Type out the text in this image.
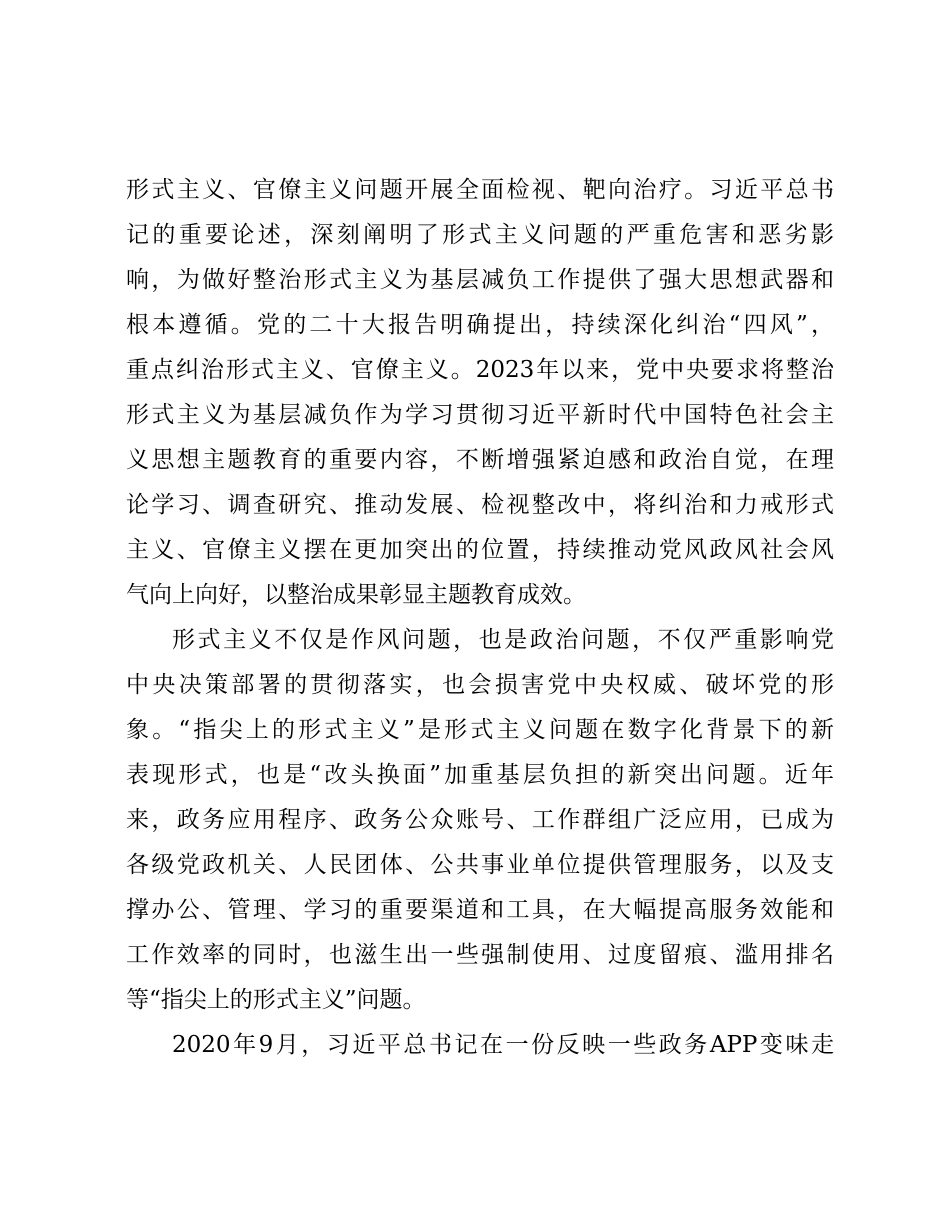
形式主义、官僚主义问题开展全面检视、靶向治疗。习近平总书

记的重要论述，深刻阐明了形式主义问题的严重危害和恶劣影

响，为做好整治形式主义为基层减负工作提供了强大思想武器和

根本遵循。党的二十大报告明确提出，持续深化纠治“四风”，

重点纠治形式主义、官僚主义。2023年以来，党中央要求将整治

形式主义为基层减负作为学习贯彻习近平新时代中国特色社会主

义思想主题教育的重要内容，不断增强紧迫感和政治自觉，在理

论学习、调查研究、推动发展、检视整改中，将纠治和力戒形式

主义、官僚主义摆在更加突出的位置，持续推动党风政风社会风

气向上向好，以整治成果彰显主题教育成效。

形式主义不仅是作风问题，也是政治问题，不仅严重影响党

中央决策部署的贯彻落实，也会损害党中央权威、破坏党的形

象。“指尖上的形式主义”是形式主义问题在数字化背景下的新

表现形式，也是“改头换面”加重基层负担的新突出问题。近年

来，政务应用程序、政务公众账号、工作群组广泛应用，已成为

各级党政机关、人民团体、公共事业单位提供管理服务，以及支

撑办公、管理、学习的重要渠道和工具，在大幅提高服务效能和

工作效率的同时，也滋生出一些强制使用、过度留痕、滥用排名

等“指尖上的形式主义”问题。

2020年9月，习近平总书记在一份反映一些政务APP变味走
